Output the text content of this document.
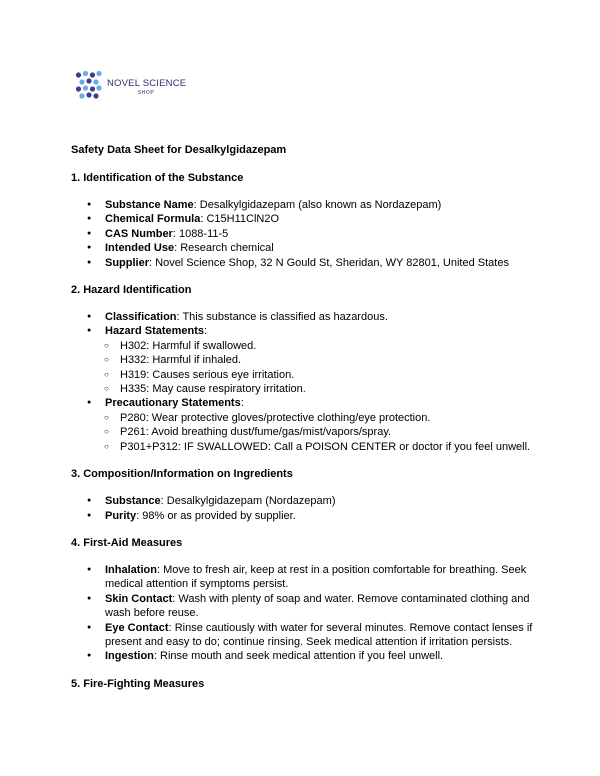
NOVEL SCIENCE
SHOP

Safety Data Sheet for Desalkylgidazepam

1. Identification of the Substance

● Substance Name: Desalkylgidazepam (also known as Nordazepam)
● Chemical Formula: C15H11ClN2O
● CAS Number: 1088-11-5
● Intended Use: Research chemical
● Supplier: Novel Science Shop, 32 N Gould St, Sheridan, WY 82801, United States

2. Hazard Identification

● Classification: This substance is classified as hazardous.
● Hazard Statements:
○ H302: Harmful if swallowed.
○ H332: Harmful if inhaled.
○ H319: Causes serious eye irritation.
○ H335: May cause respiratory irritation.
● Precautionary Statements:
○ P280: Wear protective gloves/protective clothing/eye protection.
○ P261: Avoid breathing dust/fume/gas/mist/vapors/spray.
○ P301+P312: IF SWALLOWED: Call a POISON CENTER or doctor if you feel unwell.

3. Composition/Information on Ingredients

● Substance: Desalkylgidazepam (Nordazepam)
● Purity: 98% or as provided by supplier.

4. First-Aid Measures

● Inhalation: Move to fresh air, keep at rest in a position comfortable for breathing. Seek medical attention if symptoms persist.
● Skin Contact: Wash with plenty of soap and water. Remove contaminated clothing and wash before reuse.
● Eye Contact: Rinse cautiously with water for several minutes. Remove contact lenses if present and easy to do; continue rinsing. Seek medical attention if irritation persists.
● Ingestion: Rinse mouth and seek medical attention if you feel unwell.

5. Fire-Fighting Measures
